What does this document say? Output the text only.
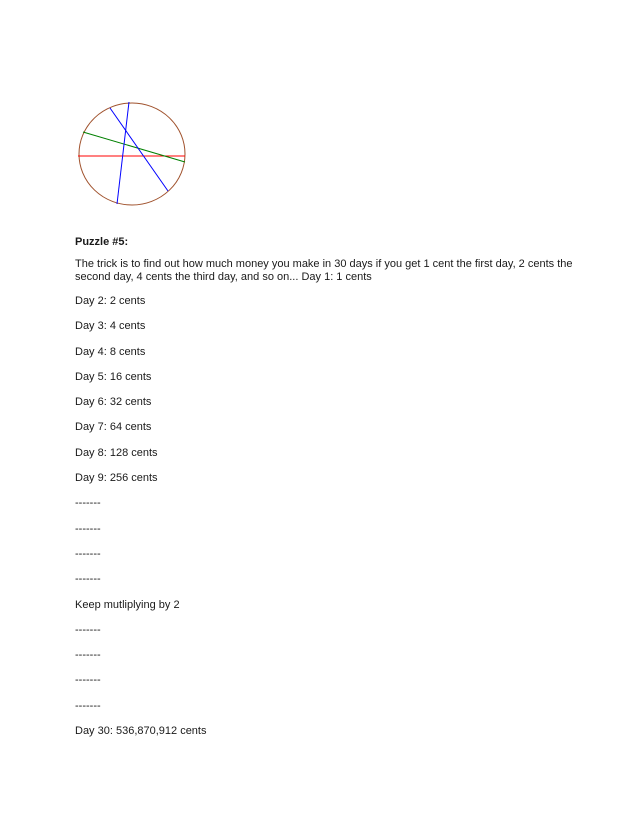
Puzzle #5:
The trick is to find out how much money you make in 30 days if you get 1 cent the first day, 2 cents the second day, 4 cents the third day, and so on... Day 1: 1 cents
Day 2: 2 cents
Day 3: 4 cents
Day 4: 8 cents
Day 5: 16 cents
Day 6: 32 cents
Day 7: 64 cents
Day 8: 128 cents
Day 9: 256 cents
-------
-------
-------
-------
Keep mutliplying by 2
-------
-------
-------
-------
Day 30: 536,870,912 cents
